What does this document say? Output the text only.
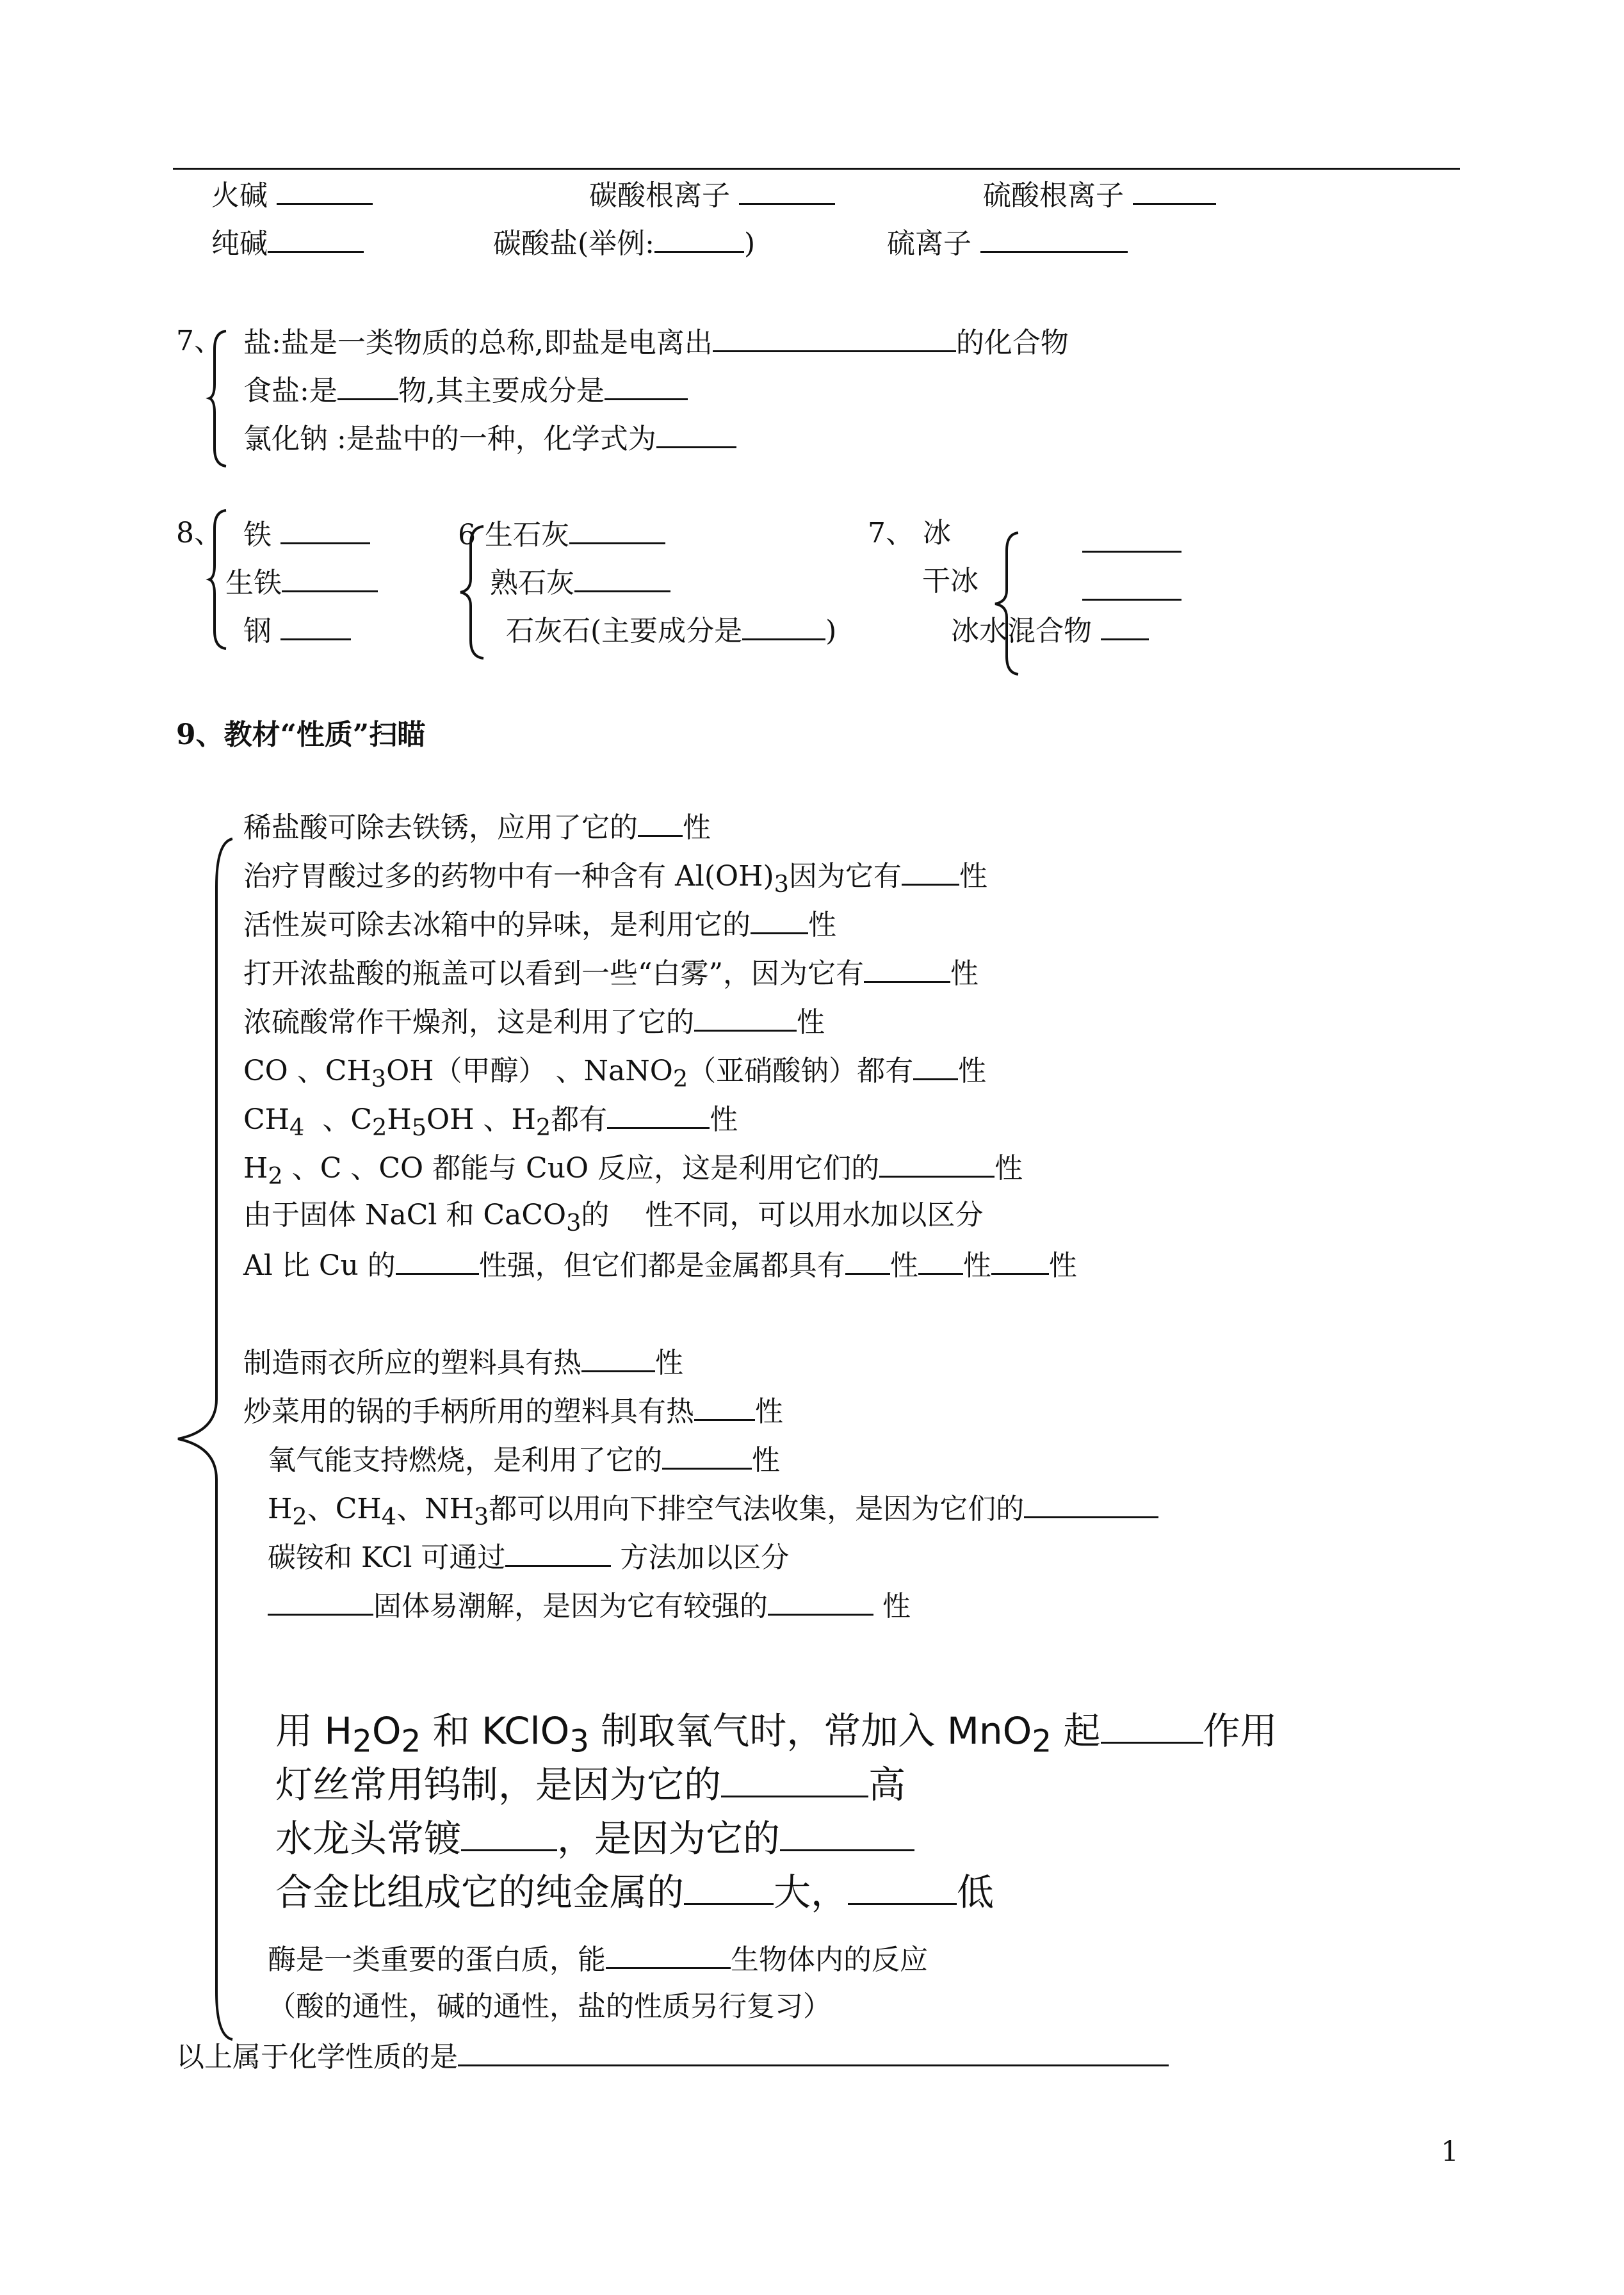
火碱	碳酸根离子	硫酸根离子
纯碱	碳酸盐(举例:	)	硫离子
7、 盐:盐是一类物质的总称,即盐是电离出	的化合物
食盐:是 物,其主要成分是
氯化钠 :是盐中的一种，化学式为
8、 铁
生铁
钢
6 生石灰
熟石灰
石灰石(主要成分是	)
7、 冰
干冰
冰水混合物
9、教材“性质”扫瞄
稀盐酸可除去铁锈，应用了它的 性
治疗胃酸过多的药物中有一种含有 $Al(OH)_3$因为它有 性
活性炭可除去冰箱中的异味，是利用它的 性
打开浓盐酸的瓶盖可以看到一些“白雾”，因为它有	性
浓硫酸常作干燥剂，这是利用了它的	性
CO 、$CH_3OH$（甲醇） 、NaNO$_2$（亚硝酸钠）都有 性
$CH_4$  、$C_2H_5OH$ 、$H_2$都有	性
$H_2$ 、C 、CO 都能与 CuO 反应，这是利用它们的	性
由于固体 NaCl 和 CaCO$_3$的    性不同，可以用水加以区分
Al 比 Cu 的	性强，但它们都是金属都具有 性 性 性
制造雨衣所应的塑料具有热	性
炒菜用的锅的手柄所用的塑料具有热 性
氧气能支持燃烧，是利用了它的	性
$H_2$、$CH_4$、$NH_3$都可以用向下排空气法收集，是因为它们的
碳铵和 KCl 可通过	方法加以区分
固体易潮解，是因为它有较强的	性
用 $H_2O_2$ 和 KClO$_3$ 制取氧气时，常加入 MnO$_2$ 起	作用
灯丝常用钨制，是因为它的	高
水龙头常镀	，是因为它的
合金比组成它的纯金属的 大，	低
酶是一类重要的蛋白质，能	生物体内的反应
（酸的通性，碱的通性，盐的性质另行复习）
以上属于化学性质的是
1
